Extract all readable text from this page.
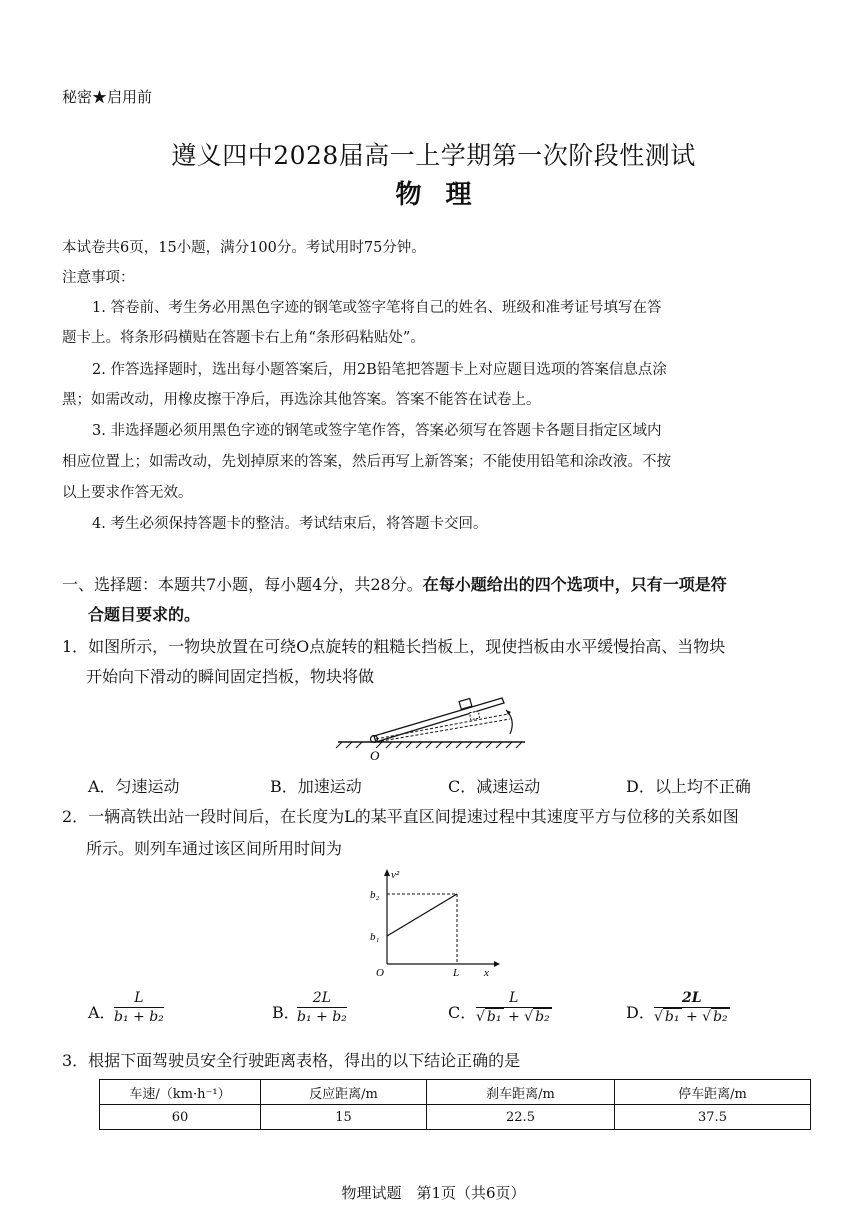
秘密★启用前
遵义四中2028届高一上学期第一次阶段性测试
物理
本试卷共6页，15小题，满分100分。考试用时75分钟。
注意事项：
1. 答卷前、考生务必用黑色字迹的钢笔或签字笔将自己的姓名、班级和准考证号填写在答
题卡上。将条形码横贴在答题卡右上角“条形码粘贴处”。
2. 作答选择题时，选出每小题答案后，用2B铅笔把答题卡上对应题目选项的答案信息点涂
黑；如需改动，用橡皮擦干净后，再选涂其他答案。答案不能答在试卷上。
3. 非选择题必须用黑色字迹的钢笔或签字笔作答，答案必须写在答题卡各题目指定区域内
相应位置上；如需改动，先划掉原来的答案，然后再写上新答案；不能使用铅笔和涂改液。不按
以上要求作答无效。
4. 考生必须保持答题卡的整洁。考试结束后，将答题卡交回。
一、选择题：本题共7小题，每小题4分，共28分。在每小题给出的四个选项中，只有一项是符
合题目要求的。
1．如图所示，一物块放置在可绕O点旋转的粗糙长挡板上，现使挡板由水平缓慢抬高、当物块
开始向下滑动的瞬间固定挡板，物块将做
O
A．匀速运动	B．加速运动	C．减速运动	D．以上均不正确
2．一辆高铁出站一段时间后，在长度为L的某平直区间提速过程中其速度平方与位移的关系如图
所示。则列车通过该区间所用时间为
v²
b₂
b₁
O	L x
A．
$\frac{L}{\text{b₁ + b₂}}$	B．
$\frac{2L}{\text{b₁ + b₂}}$	C． $\frac{L}{\text{√ b₁ + √ b₂}}$	D． $\frac{2L}{\text{√ b₁ + √ b₂}}$
3．根据下面驾驶员安全行驶距离表格，得出的以下结论正确的是
车速/（km·h⁻¹）	反应距离/m	刹车距离/m	停车距离/m
60	15	22.5	37.5
物理试题　第1页（共6页）
